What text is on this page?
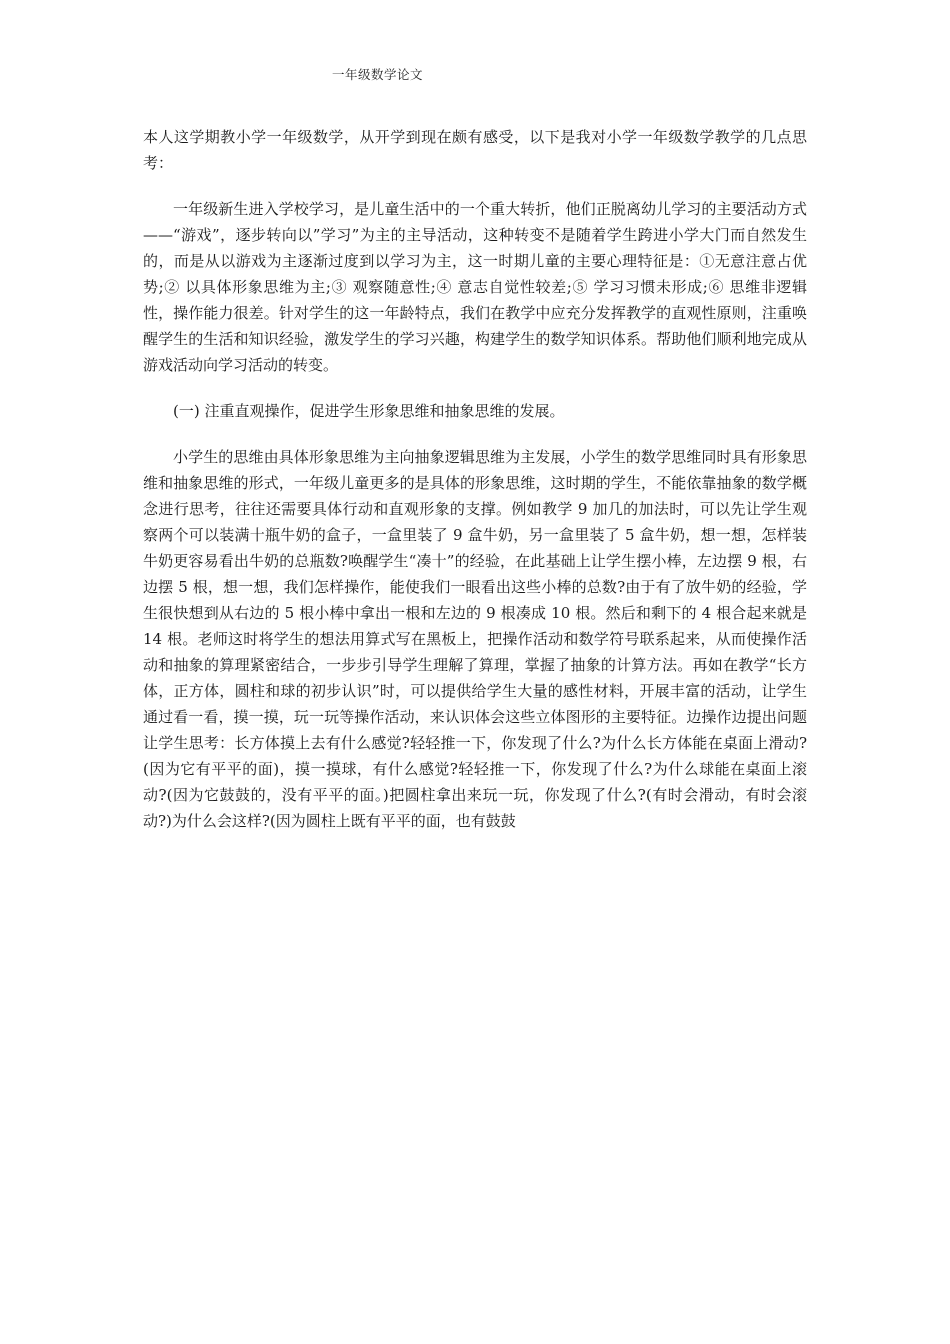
一年级数学论文

本人这学期教小学一年级数学，从开学到现在颇有感受，以下是我对小学一年级数学教学的几点思考：

一年级新生进入学校学习，是儿童生活中的一个重大转折，他们正脱离幼儿学习的主要活动方式——“游戏”，逐步转向以”学习”为主的主导活动，这种转变不是随着学生跨进小学大门而自然发生的，而是从以游戏为主逐渐过度到以学习为主，这一时期儿童的主要心理特征是：①无意注意占优势;② 以具体形象思维为主;③ 观察随意性;④ 意志自觉性较差;⑤ 学习习惯未形成;⑥ 思维非逻辑性，操作能力很差。针对学生的这一年龄特点，我们在教学中应充分发挥教学的直观性原则，注重唤醒学生的生活和知识经验，激发学生的学习兴趣，构建学生的数学知识体系。帮助他们顺利地完成从游戏活动向学习活动的转变。

(一) 注重直观操作，促进学生形象思维和抽象思维的发展。

小学生的思维由具体形象思维为主向抽象逻辑思维为主发展，小学生的数学思维同时具有形象思维和抽象思维的形式，一年级儿童更多的是具体的形象思维，这时期的学生，不能依靠抽象的数学概念进行思考，往往还需要具体行动和直观形象的支撑。例如教学 9 加几的加法时，可以先让学生观察两个可以装满十瓶牛奶的盒子，一盒里装了 9 盒牛奶，另一盒里装了 5 盒牛奶，想一想，怎样装牛奶更容易看出牛奶的总瓶数?唤醒学生“凑十”的经验，在此基础上让学生摆小棒，左边摆 9 根，右边摆 5 根，想一想，我们怎样操作，能使我们一眼看出这些小棒的总数?由于有了放牛奶的经验，学生很快想到从右边的 5 根小棒中拿出一根和左边的 9 根凑成 10 根。然后和剩下的 4 根合起来就是 14 根。老师这时将学生的想法用算式写在黑板上，把操作活动和数学符号联系起来，从而使操作活动和抽象的算理紧密结合，一步步引导学生理解了算理，掌握了抽象的计算方法。再如在教学“长方体，正方体，圆柱和球的初步认识”时，可以提供给学生大量的感性材料，开展丰富的活动，让学生通过看一看，摸一摸，玩一玩等操作活动，来认识体会这些立体图形的主要特征。边操作边提出问题让学生思考：长方体摸上去有什么感觉?轻轻推一下，你发现了什么?为什么长方体能在桌面上滑动?(因为它有平平的面)，摸一摸球，有什么感觉?轻轻推一下，你发现了什么?为什么球能在桌面上滚动?(因为它鼓鼓的，没有平平的面。)把圆柱拿出来玩一玩，你发现了什么?(有时会滑动，有时会滚动?)为什么会这样?(因为圆柱上既有平平的面，也有鼓鼓
